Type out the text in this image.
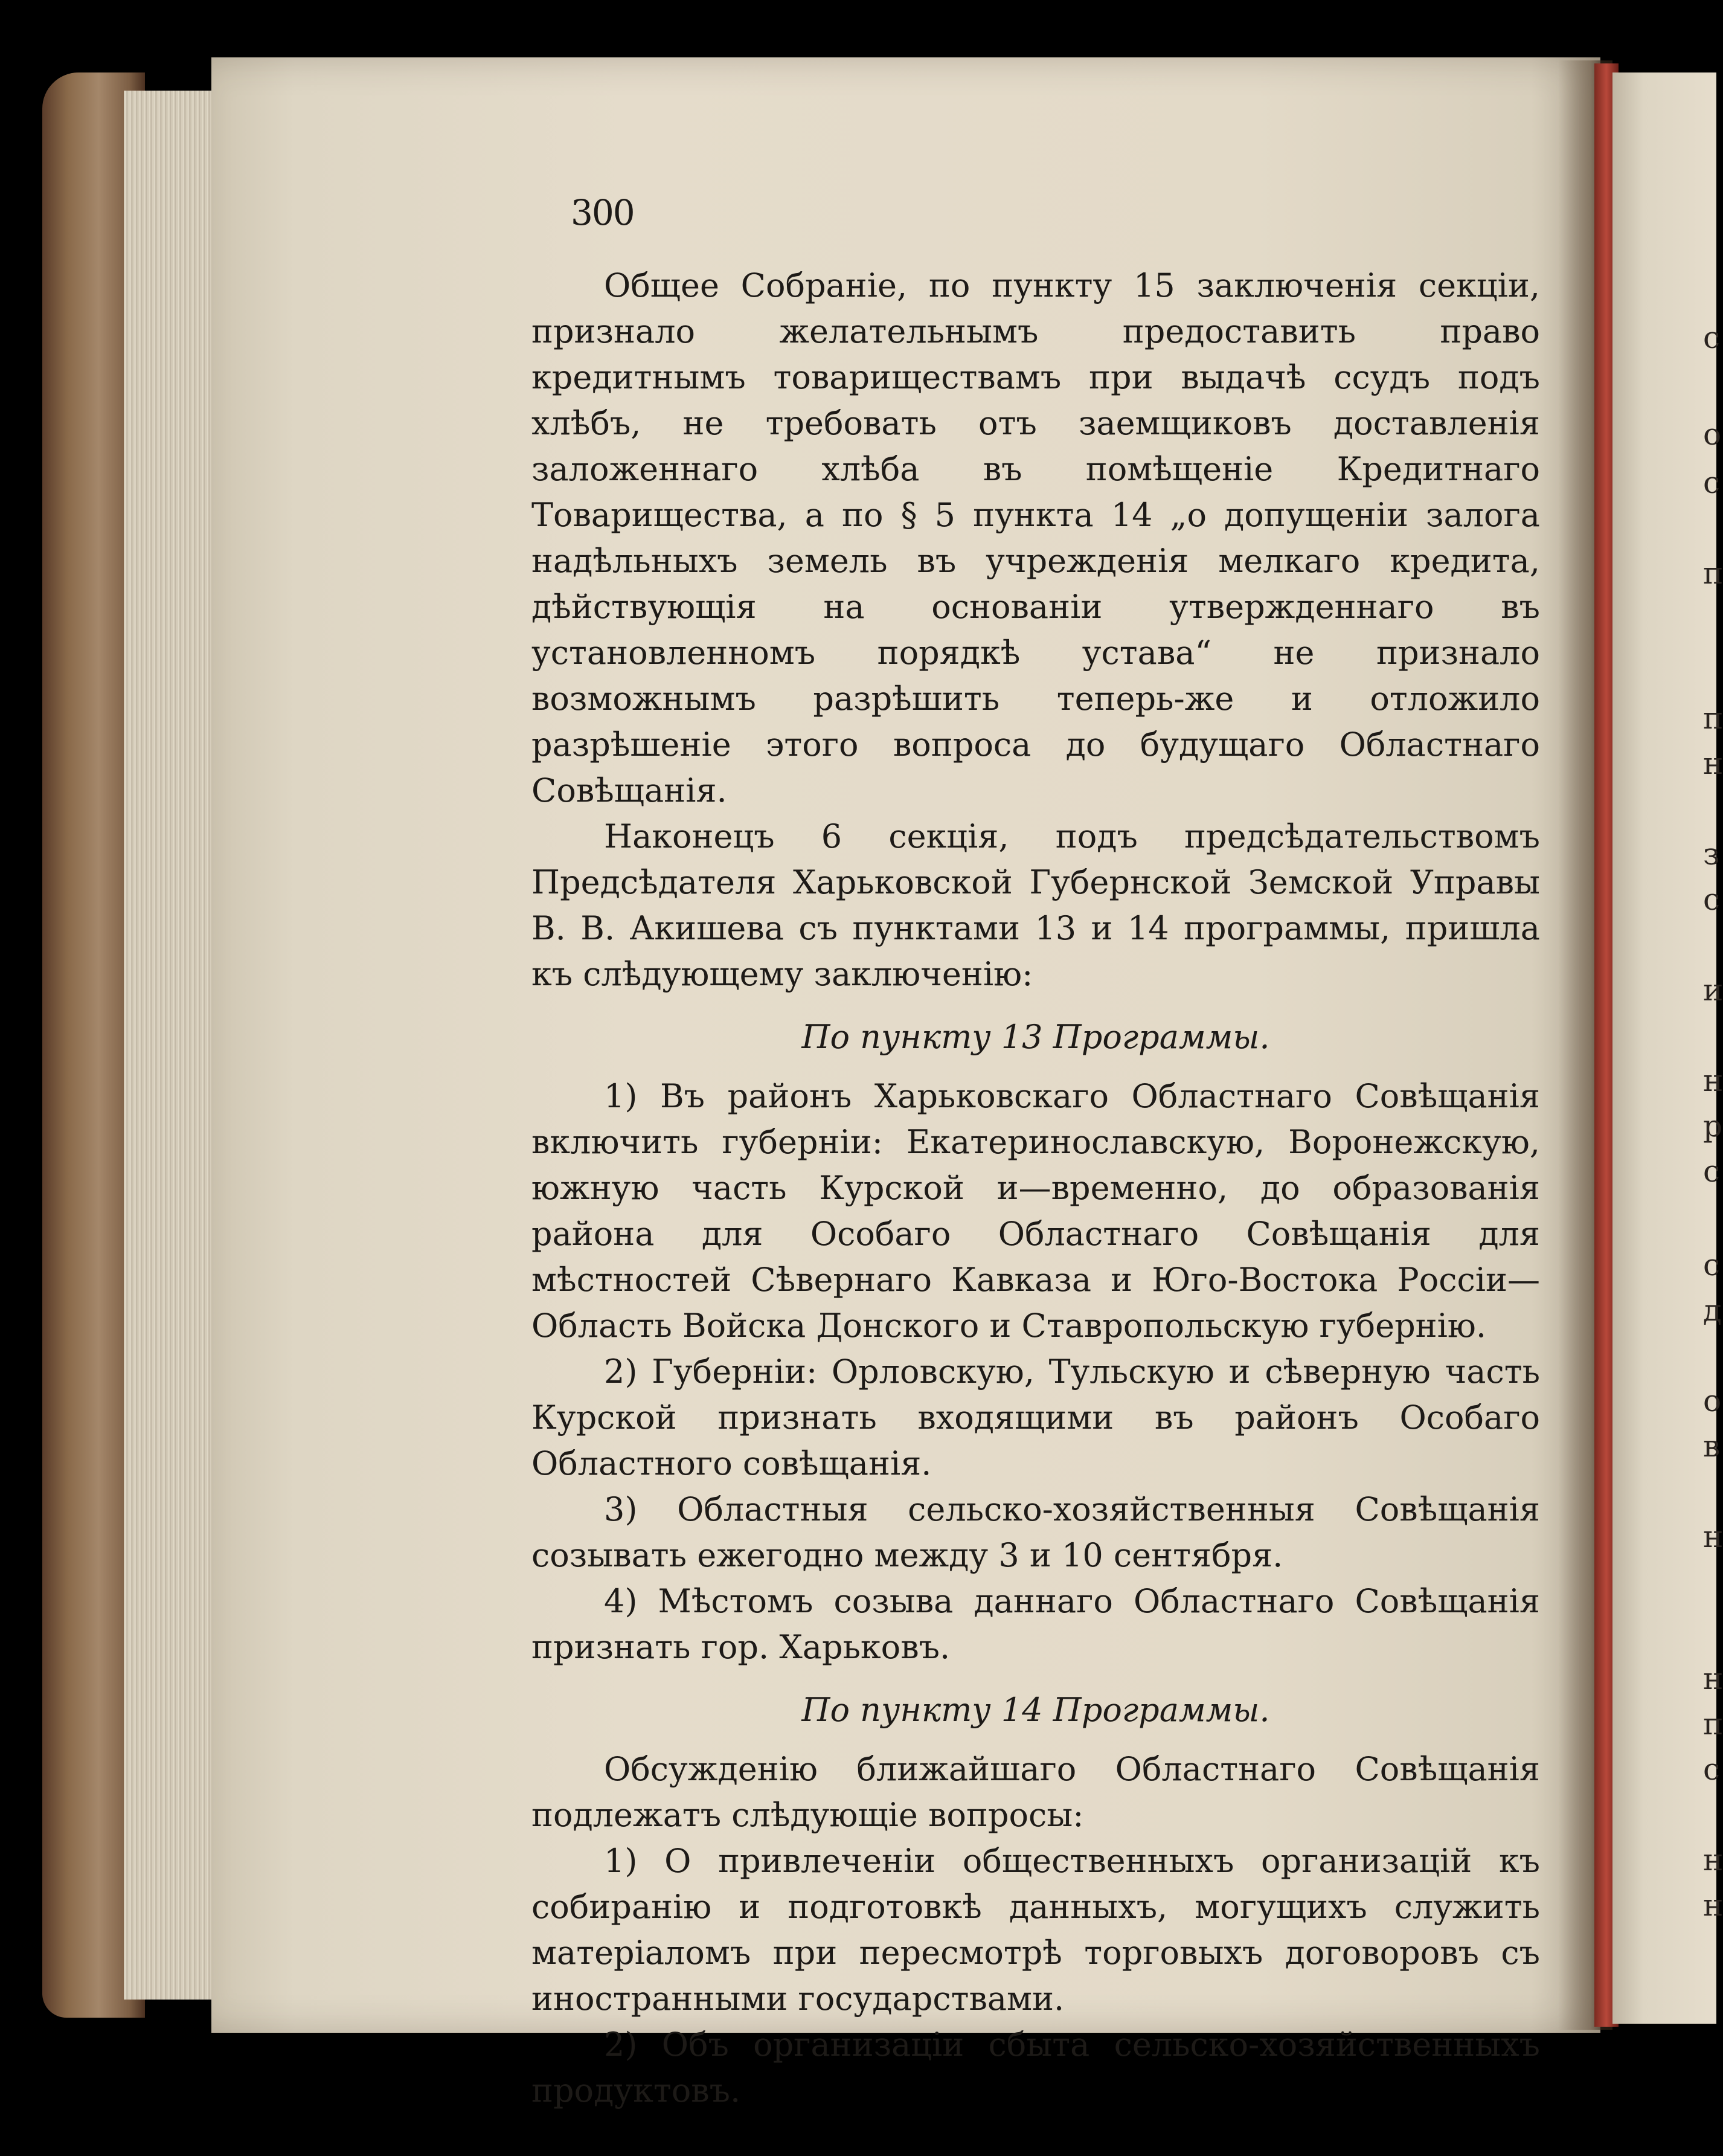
с
о
с
п
п
н
з
с
и
н
р
с
с
д
о
в
н
н
п
с
н
н
300

Общее Собраніе, по пункту 15 заключенія секціи, признало желательнымъ предоставить право кредитнымъ товариществамъ при выдачѣ ссудъ подъ хлѣбъ, не требовать отъ заемщиковъ доставленія заложеннаго хлѣба въ помѣщеніе Кредитнаго Товарищества, а по § 5 пункта 14 „о допущеніи залога надѣльныхъ земель въ учрежденія мелкаго кредита, дѣйствующія на основаніи утвержденнаго въ установленномъ порядкѣ устава“ не признало возможнымъ разрѣшить теперь-же и отложило разрѣшеніе этого вопроса до будущаго Областнаго Совѣщанія.

Наконецъ 6 секція, подъ предсѣдательствомъ Предсѣдателя Харьковской Губернской Земской Управы В. В. Акишева съ пунктами 13 и 14 программы, пришла къ слѣдующему заключенію:

По пункту 13 Программы.

1) Въ районъ Харьковскаго Областнаго Совѣщанія включить губерніи: Екатеринославскую, Воронежскую, южную часть Курской и—временно, до образованія района для Особаго Областнаго Совѣщанія для мѣстностей Сѣвернаго Кавказа и Юго-Востока Россіи—Область Войска Донского и Ставропольскую губернію.

2) Губерніи: Орловскую, Тульскую и сѣверную часть Курской признать входящими въ районъ Особаго Областного совѣщанія.

3) Областныя сельско-хозяйственныя Совѣщанія созывать ежегодно между 3 и 10 сентября.

4) Мѣстомъ созыва даннаго Областнаго Совѣщанія признать гор. Харьковъ.

По пункту 14 Программы.

Обсужденію ближайшаго Областнаго Совѣщанія подлежатъ слѣдующіе вопросы:

1) О привлеченіи общественныхъ организацій къ собиранію и подготовкѣ данныхъ, могущихъ служить матеріаломъ при пересмотрѣ торговыхъ договоровъ съ иностранными государствами.

2) Объ организаціи сбыта сельско-хозяйственныхъ продуктовъ.
